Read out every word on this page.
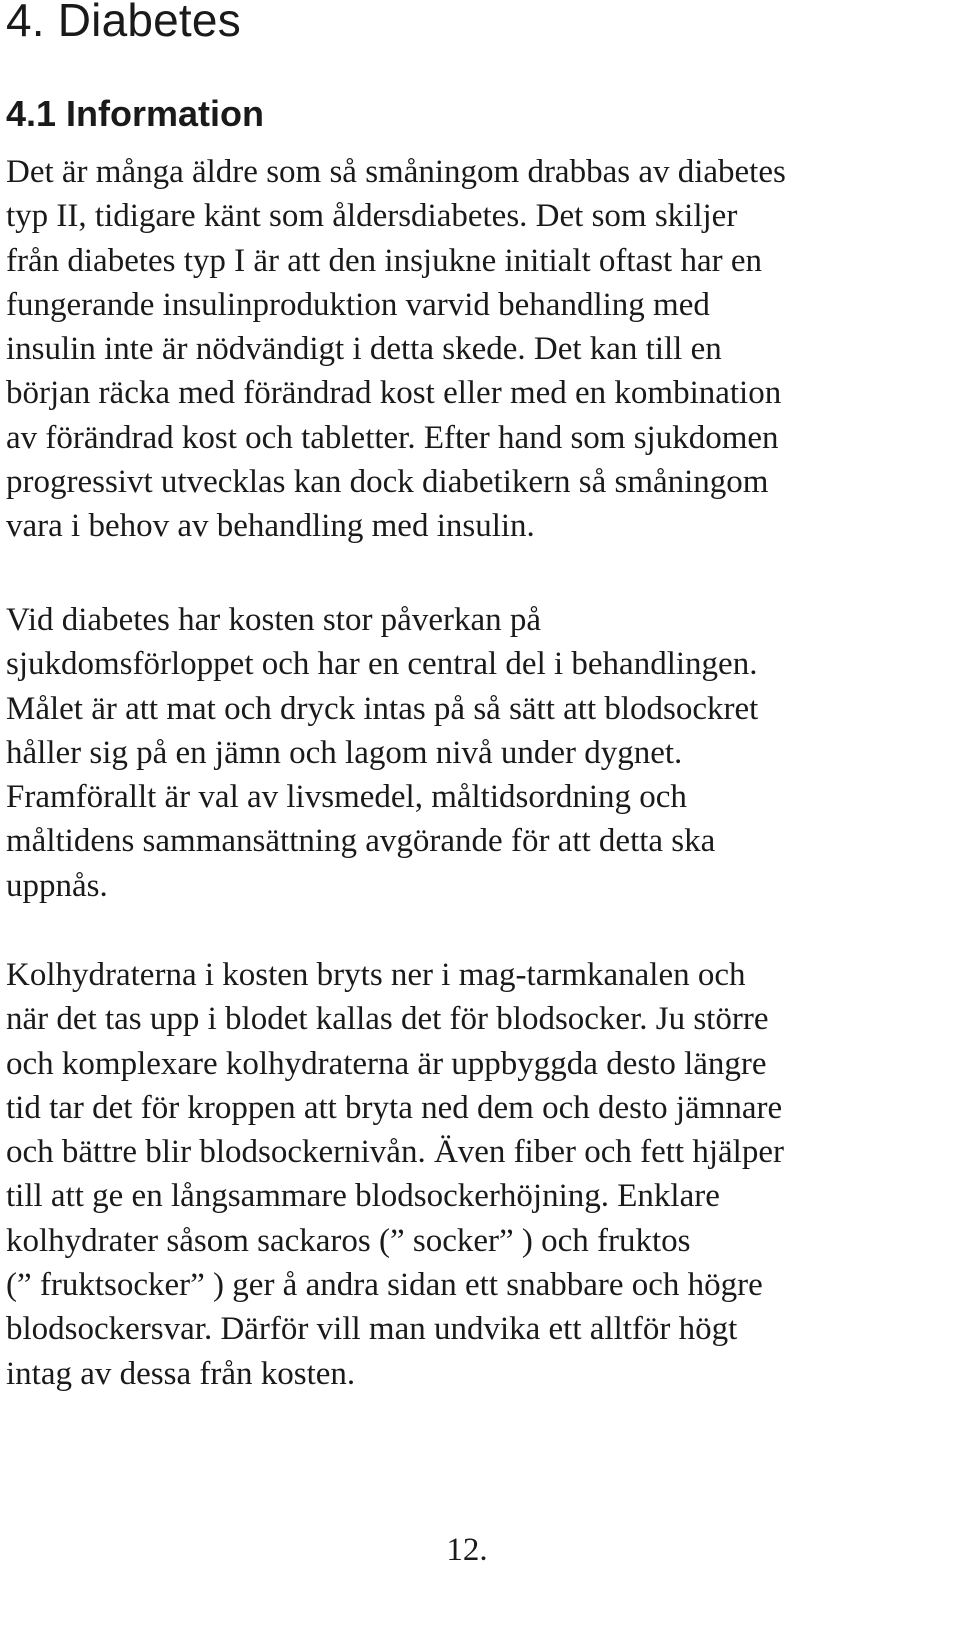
4. Diabetes
4.1 Information
Det är många äldre som så småningom drabbas av diabetes
typ II, tidigare känt som åldersdiabetes. Det som skiljer
från diabetes typ I är att den insjukne initialt oftast har en
fungerande insulinproduktion varvid behandling med
insulin inte är nödvändigt i detta skede. Det kan till en
början räcka med förändrad kost eller med en kombination
av förändrad kost och tabletter. Efter hand som sjukdomen
progressivt utvecklas kan dock diabetikern så småningom
vara i behov av behandling med insulin.
Vid diabetes har kosten stor påverkan på
sjukdomsförloppet och har en central del i behandlingen.
Målet är att mat och dryck intas på så sätt att blodsockret
håller sig på en jämn och lagom nivå under dygnet.
Framförallt är val av livsmedel, måltidsordning och
måltidens sammansättning avgörande för att detta ska
uppnås.
Kolhydraterna i kosten bryts ner i mag-tarmkanalen och
när det tas upp i blodet kallas det för blodsocker. Ju större
och komplexare kolhydraterna är uppbyggda desto längre
tid tar det för kroppen att bryta ned dem och desto jämnare
och bättre blir blodsockernivån. Även fiber och fett hjälper
till att ge en långsammare blodsockerhöjning. Enklare
kolhydrater såsom sackaros (” socker” ) och fruktos
(” fruktsocker” ) ger å andra sidan ett snabbare och högre
blodsockersvar. Därför vill man undvika ett alltför högt
intag av dessa från kosten.

12.
